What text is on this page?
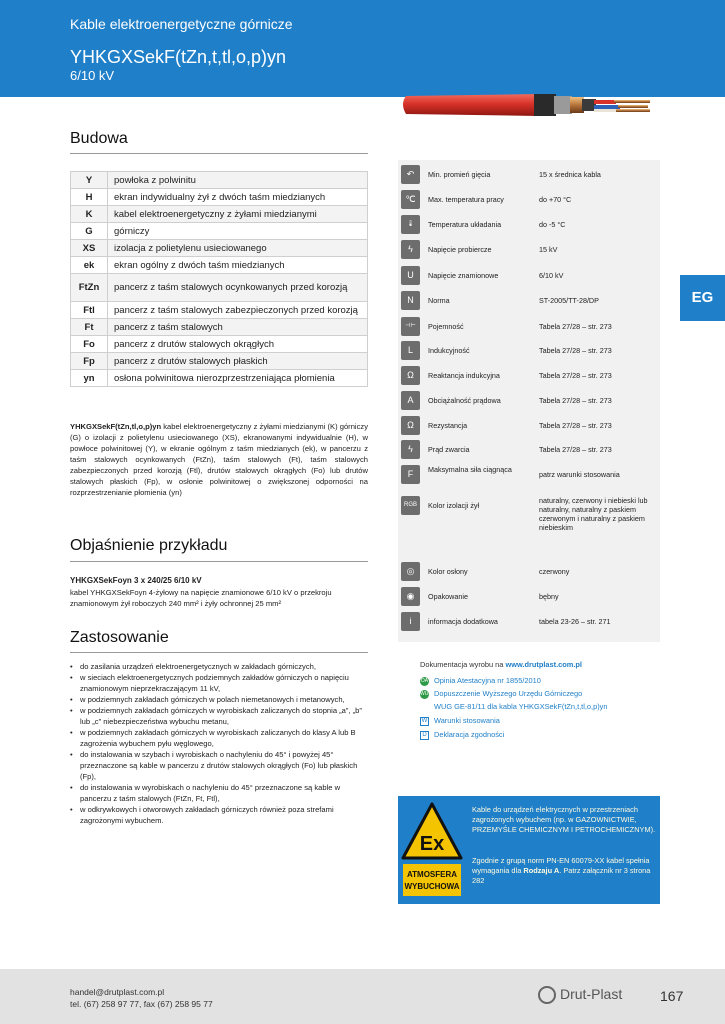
Kable elektroenergetyczne górnicze
YHKGXSekF(tZn,t,tl,o,p)yn
6/10 kV
EG
Budowa
Y	powłoka z polwinitu
H	ekran indywidualny żył z dwóch taśm miedzianych
K	kabel elektroenergetyczny z żyłami miedzianymi
G	górniczy
XS	izolacja z polietylenu usieciowanego
ek	ekran ogólny z dwóch taśm miedzianych
FtZn	pancerz z taśm stalowych ocynkowanych przed korozją
Ftl	pancerz z taśm stalowych zabezpieczonych przed korozją
Ft	pancerz z taśm stalowych
Fo	pancerz z drutów stalowych okrągłych
Fp	pancerz z drutów stalowych płaskich
yn	osłona polwinitowa nierozprzestrzeniająca płomienia
YHKGXSekF(tZn,tl,o,p)yn kabel elektroenergetyczny z żyłami miedzianymi (K) górniczy (G) o izolacji z polietylenu usieciowanego (XS), ekranowanymi indywidualnie (H), w powłoce polwinitowej (Y), w ekranie ogólnym z taśm miedzianych (ek), w pancerzu z taśm stalowych ocynkowanych (FtZn), taśm stalowych (Ft), taśm stalowych zabezpieczonych przed korozją (Ftl), drutów stalowych okrągłych (Fo) lub drutów stalowych płaskich (Fp), w osłonie polwinitowej o zwiększonej odporności na rozprzestrzenianie płomienia (yn)
Objaśnienie przykładu
YHKGXSekFoyn 3 x 240/25 6/10 kV
kabel YHKGXSekFoyn 4-żyłowy na napięcie znamionowe 6/10 kV o przekroju znamionowym żył roboczych 240 mm² i żyły ochronnej 25 mm²
Zastosowanie
• do zasilania urządzeń elektroenergetycznych w zakładach górniczych,
• w sieciach elektroenergetycznych podziemnych zakładów górniczych o napięciu znamionowym nieprzekraczającym 11 kV,
• w podziemnych zakładach górniczych w polach niemetanowych i metanowych,
• w podziemnych zakładach górniczych w wyrobiskach zaliczanych do stopnia „a”, „b” lub „c” niebezpieczeństwa wybuchu metanu,
• w podziemnych zakładach górniczych w wyrobiskach zaliczanych do klasy A lub B zagrożenia wybuchem pyłu węglowego,
• do instalowania w szybach i wyrobiskach o nachyleniu do 45° i powyżej 45° przeznaczone są kable w pancerzu z drutów stalowych okrągłych (Fo) lub płaskich (Fp),
• do instalowania w wyrobiskach o nachyleniu do 45° przeznaczone są kable w pancerzu z taśm stalowych (FtZn, Ft, Ftl),
• w odkrywkowych i otworowych zakładach górniczych również poza strefami zagrożonymi wybuchem.
↶	Min. promień gięcia	15 x średnica kabla
℃	Max. temperatura pracy	do +70 °C
🌡	Temperatura układania	do -5 °C
ϟ	Napięcie probiercze	15 kV
U	Napięcie znamionowe	6/10 kV
N	Norma	ST-2005/TT-28/DP
⊣⊢	Pojemność	Tabela 27/28 – str. 273
L	Indukcyjność	Tabela 27/28 – str. 273
Ω	Reaktancja indukcyjna	Tabela 27/28 – str. 273
A	Obciążalność prądowa	Tabela 27/28 – str. 273
Ω	Rezystancja	Tabela 27/28 – str. 273
ϟ	Prąd zwarcia	Tabela 27/28 – str. 273
F	Maksymalna siła ciągnąca
patrz warunki stosowania
RGB	Kolor izolacji żył
naturalny, czerwony i niebieski lub naturalny, naturalny z paskiem czerwonym i naturalny z paskiem niebieskim
◎	Kolor osłony	czerwony
◉	Opakowanie	bębny
i	informacja dodatkowa	tabela 23-26 – str. 271
Dokumentacja wyrobu na www.drutplast.com.pl
OA Opinia Atestacyjna nr 1855/2010
WUG Dopuszczenie Wyższego Urzędu Górniczego
WUG GE-81/11 dla kabla YHKGXSekF(tZn,t,tl,o,p)yn
W Warunki stosowania
D Deklaracja zgodności
Ex
ATMOSFERA
WYBUCHOWA
Kable do urządzeń elektrycznych w przestrzeniach zagrożonych wybuchem (np. w GAZOWNICTWIE, PRZEMYŚLE CHEMICZNYM I PETROCHEMICZNYM).
Zgodnie z grupą norm PN-EN 60079-XX kabel spełnia wymagania dla Rodzaju A. Patrz załącznik nr 3 strona 282
handel@drutplast.com.pl
tel. (67) 258 97 77, fax (67) 258 95 77
Drut-Plast	167
